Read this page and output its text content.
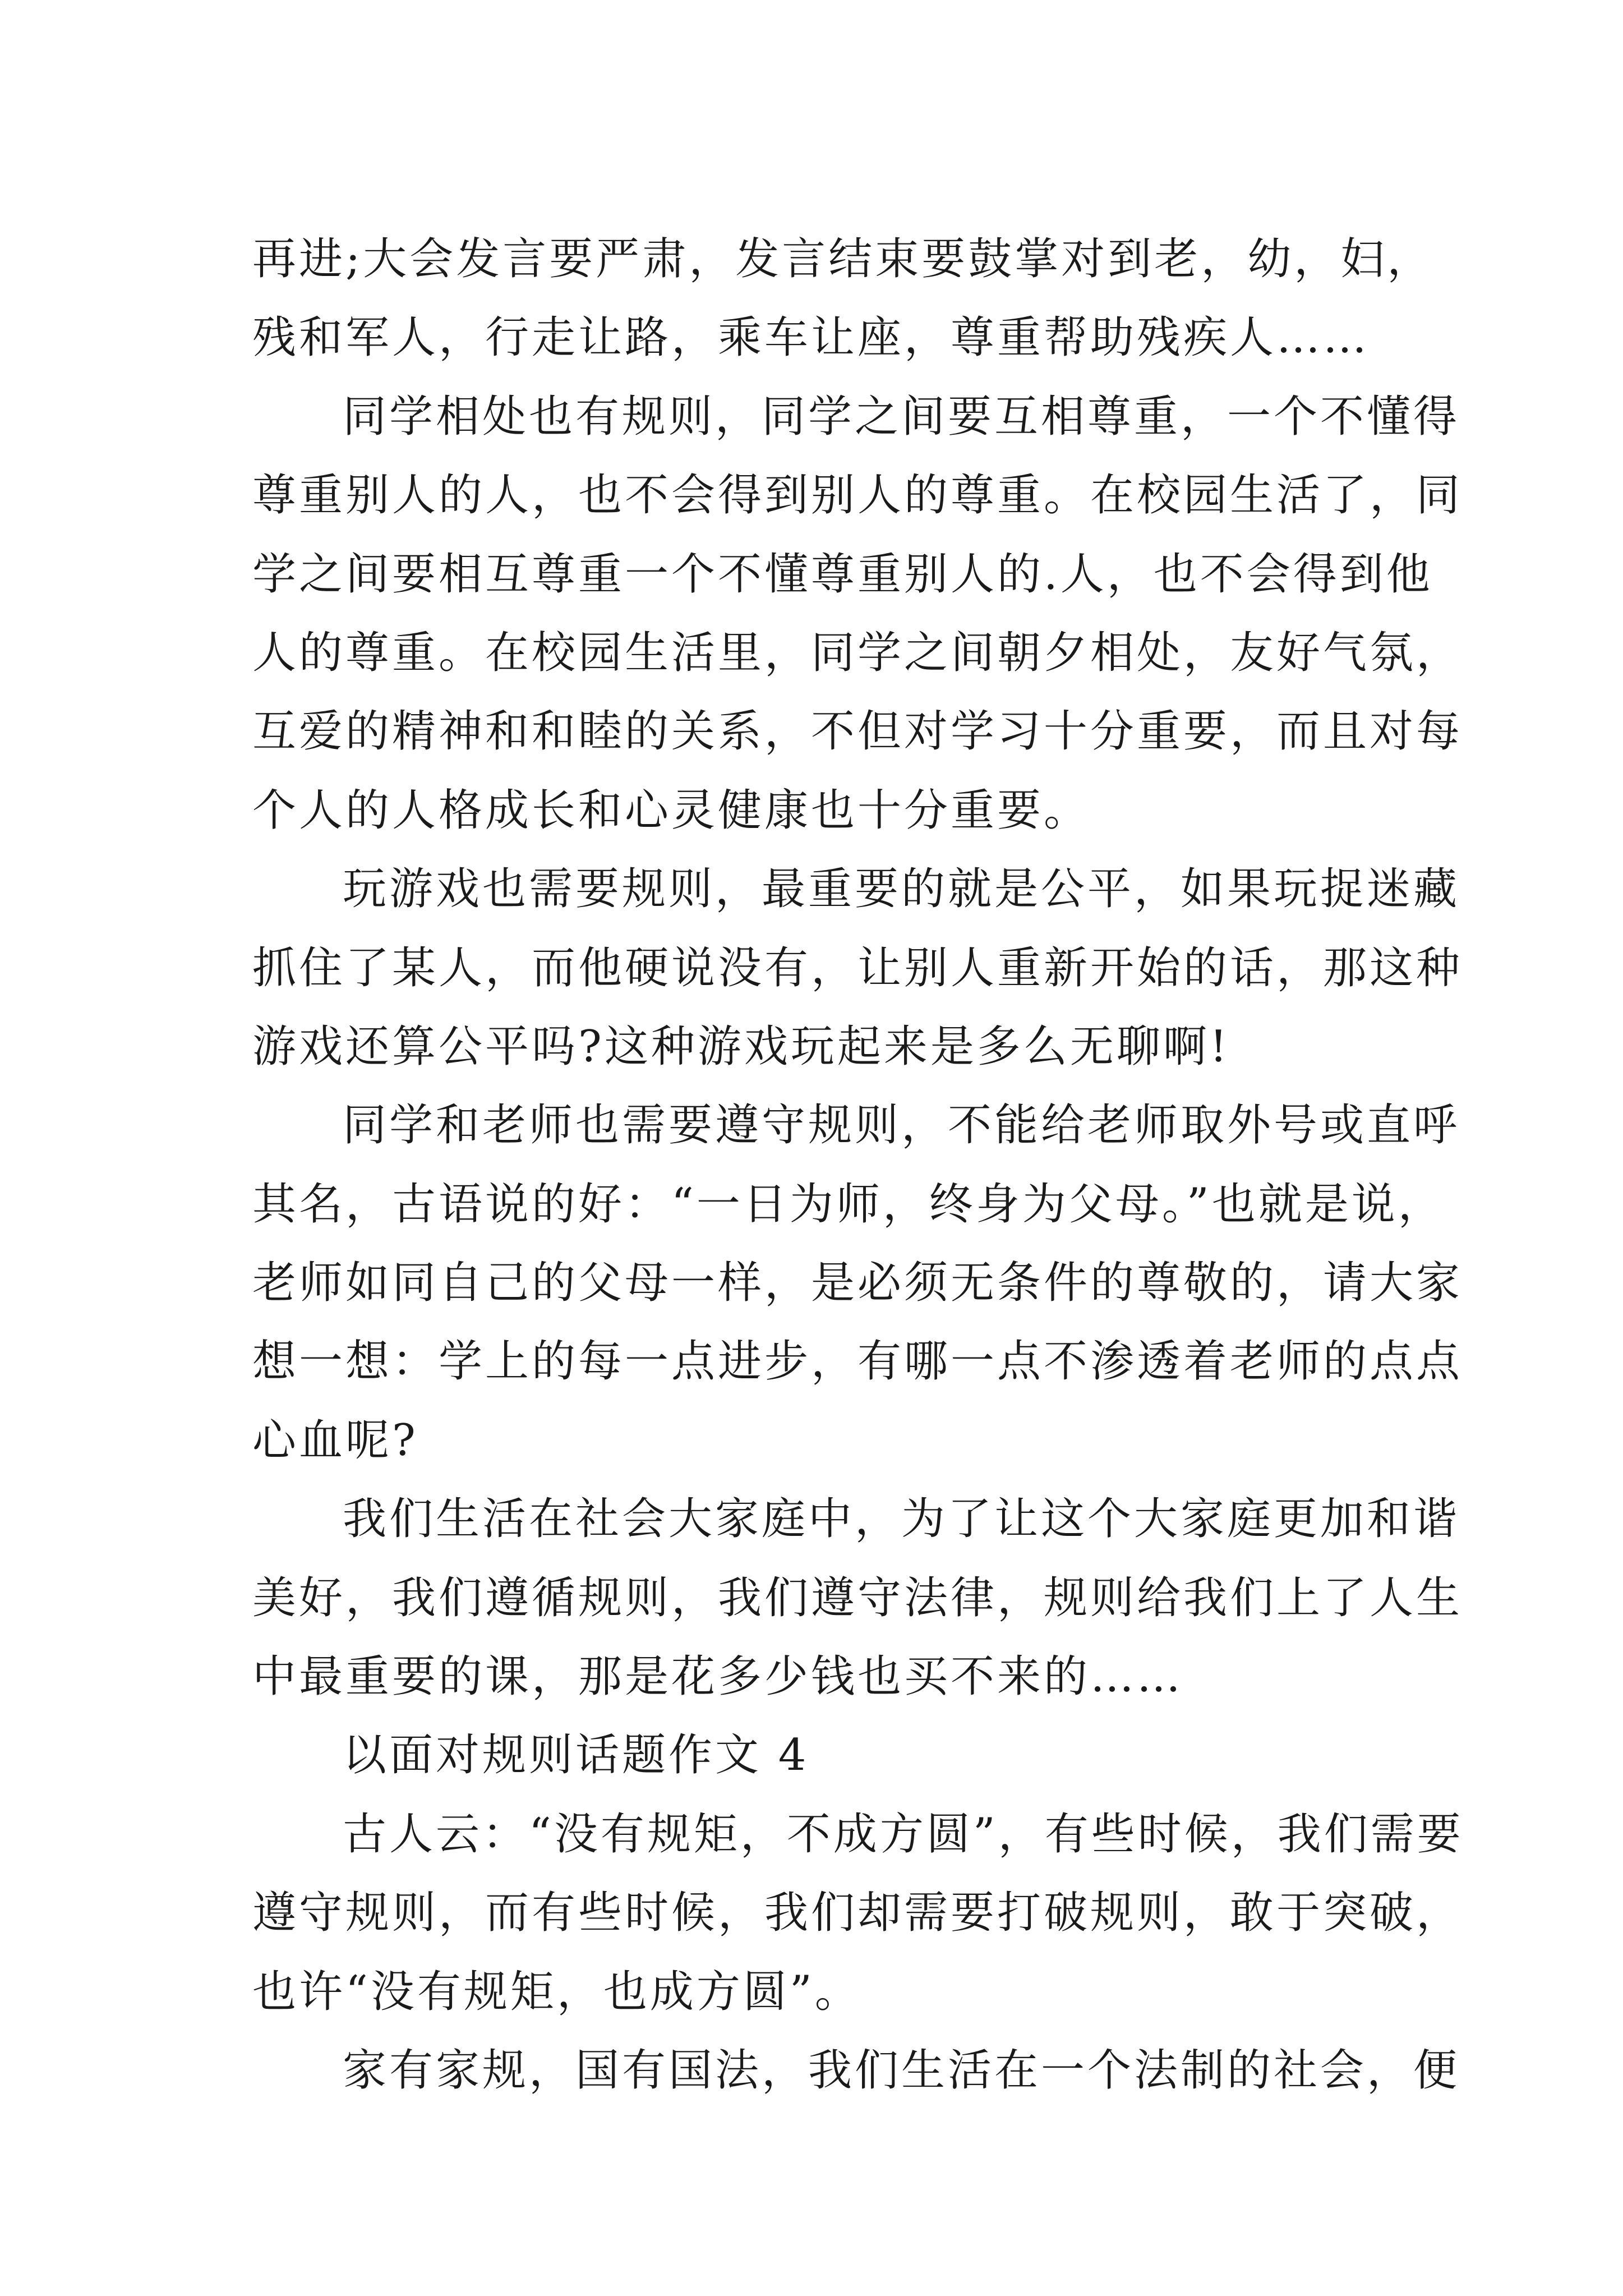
再进;大会发言要严肃，发言结束要鼓掌对到老，幼，妇，
残和军人，行走让路，乘车让座，尊重帮助残疾人……
同学相处也有规则，同学之间要互相尊重，一个不懂得
尊重别人的人，也不会得到别人的尊重。在校园生活了，同
学之间要相互尊重一个不懂尊重别人的.人，也不会得到他
人的尊重。在校园生活里，同学之间朝夕相处，友好气氛，
互爱的精神和和睦的关系，不但对学习十分重要，而且对每
个人的人格成长和心灵健康也十分重要。
玩游戏也需要规则，最重要的就是公平，如果玩捉迷藏
抓住了某人，而他硬说没有，让别人重新开始的话，那这种
游戏还算公平吗?这种游戏玩起来是多么无聊啊!
同学和老师也需要遵守规则，不能给老师取外号或直呼
其名，古语说的好：“一日为师，终身为父母。”也就是说，
老师如同自己的父母一样，是必须无条件的尊敬的，请大家
想一想：学上的每一点进步，有哪一点不渗透着老师的点点
心血呢?
我们生活在社会大家庭中，为了让这个大家庭更加和谐
美好，我们遵循规则，我们遵守法律，规则给我们上了人生
中最重要的课，那是花多少钱也买不来的……
以面对规则话题作文 4
古人云：“没有规矩，不成方圆”，有些时候，我们需要
遵守规则，而有些时候，我们却需要打破规则，敢于突破，
也许“没有规矩，也成方圆”。
家有家规，国有国法，我们生活在一个法制的社会，便
